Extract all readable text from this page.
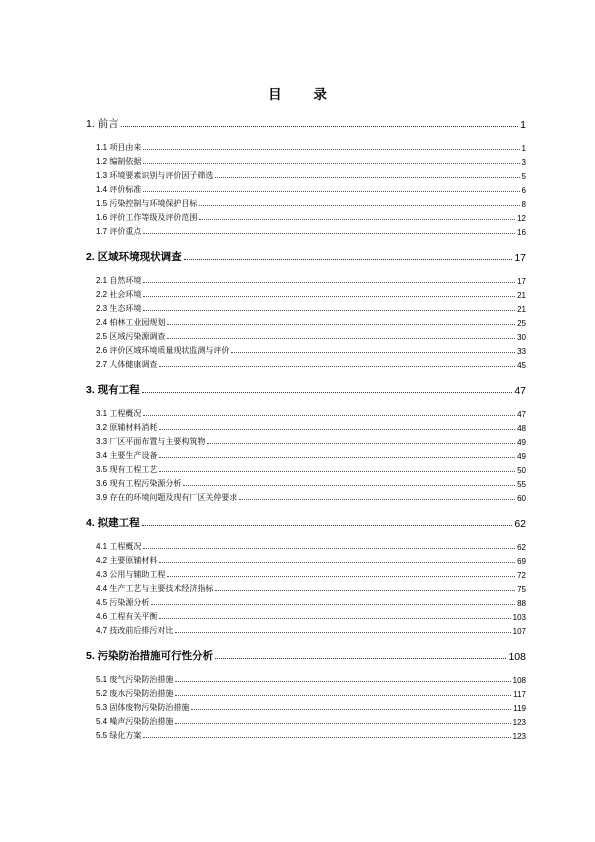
目 录
1. 前言	1
1.1 项目由来	1
1.2 编制依据	3
1.3 环境要素识别与评价因子筛选	5
1.4 评价标准	6
1.5 污染控制与环境保护目标	8
1.6 评价工作等级及评价范围	12
1.7 评价重点	16
2. 区域环境现状调查	17
2.1 自然环境	17
2.2 社会环境	21
2.3 生态环境	21
2.4 柏林工业园规划	25
2.5 区域污染源调查	30
2.6 评价区域环境质量现状监测与评价	33
2.7 人体健康调查	45
3. 现有工程	47
3.1 工程概况	47
3.2 原辅材料消耗	48
3.3 厂区平面布置与主要构筑物	49
3.4 主要生产设备	49
3.5 现有工程工艺	50
3.6 现有工程污染源分析	55
3.9 存在的环境问题及现有厂区关停要求	60
4. 拟建工程	62
4.1 工程概况	62
4.2 主要原辅材料	69
4.3 公用与辅助工程	72
4.4 生产工艺与主要技术经济指标	75
4.5 污染源分析	88
4.6 工程有关平衡	103
4.7 技改前后排污对比	107
5. 污染防治措施可行性分析	108
5.1 废气污染防治措施	108
5.2 废水污染防治措施	117
5.3 固体废物污染防治措施	119
5.4 噪声污染防治措施	123
5.5 绿化方案	123
